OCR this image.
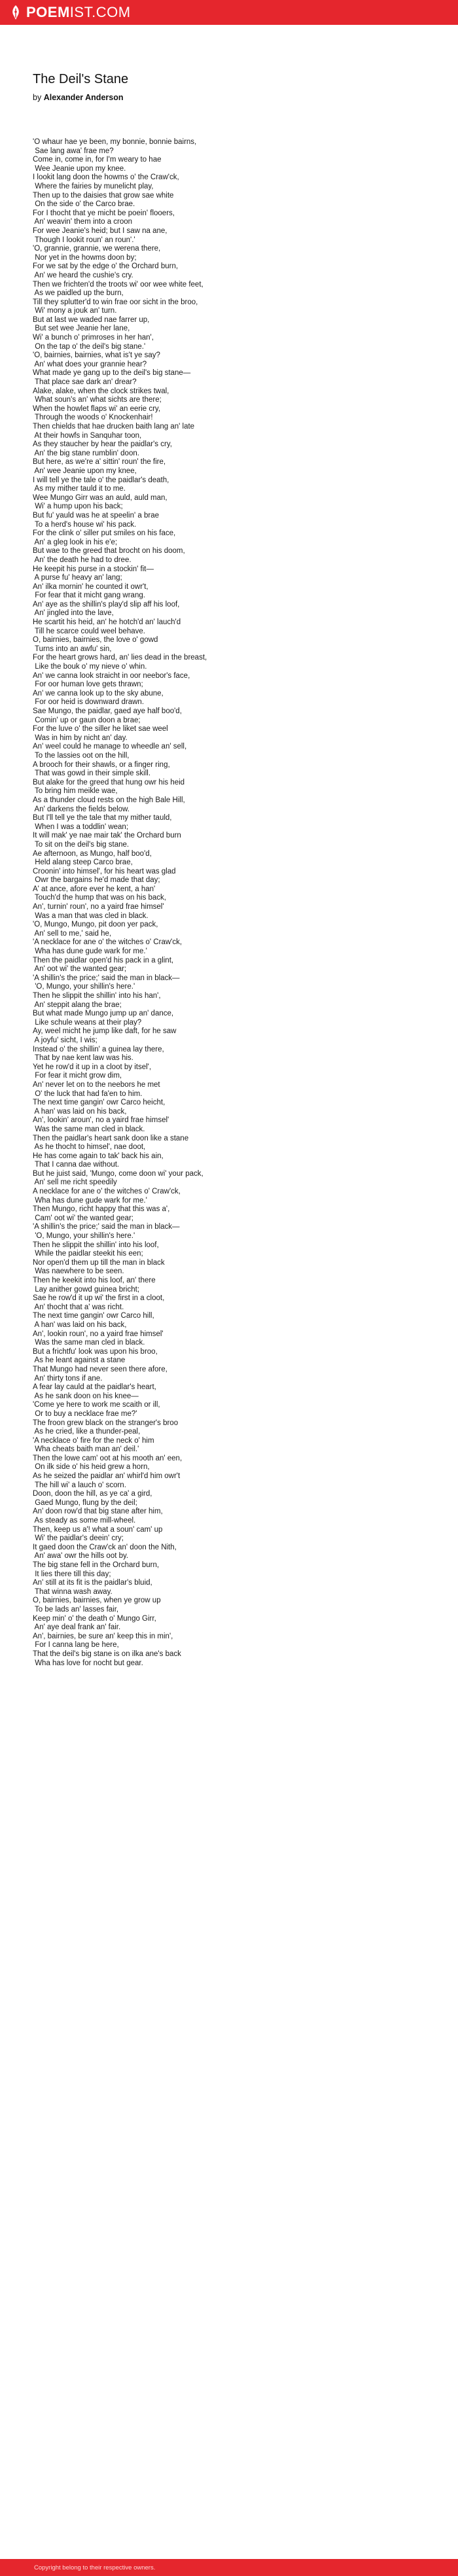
POEMIST.COM
The Deil's Stane
by Alexander Anderson
'O whaur hae ye been, my bonnie, bonnie bairns,
Sae lang awa' frae me?
Come in, come in, for I'm weary to hae
Wee Jeanie upon my knee.
I lookit lang doon the howms o' the Craw'ck,
Where the fairies by munelicht play,
Then up to the daisies that grow sae white
On the side o' the Carco brae.
For I thocht that ye micht be poein' flooers,
An' weavin' them into a croon
For wee Jeanie's heid; but I saw na ane,
Though I lookit roun' an roun'.'
'O, grannie, grannie, we werena there,
Nor yet in the howms doon by;
For we sat by the edge o' the Orchard burn,
An' we heard the cushie's cry.
Then we frichten'd the troots wi' oor wee white feet,
As we paidled up the burn,
Till they splutter'd to win frae oor sicht in the broo,
Wi' mony a jouk an' turn.
But at last we waded nae farrer up,
But set wee Jeanie her lane,
Wi' a bunch o' primroses in her han',
On the tap o' the deil's big stane.'
'O, bairnies, bairnies, what is't ye say?
An' what does your grannie hear?
What made ye gang up to the deil's big stane—
That place sae dark an' drear?
Alake, alake, when the clock strikes twal,
What soun's an' what sichts are there;
When the howlet flaps wi' an eerie cry,
Through the woods o' Knockenhair!
Then chields that hae drucken baith lang an' late
At their howfs in Sanquhar toon,
As they staucher by hear the paidlar's cry,
An' the big stane rumblin' doon.
But here, as we're a' sittin' roun' the fire,
An' wee Jeanie upon my knee,
I will tell ye the tale o' the paidlar's death,
As my mither tauld it to me.
Wee Mungo Girr was an auld, auld man,
Wi' a hump upon his back;
But fu' yauld was he at speelin' a brae
To a herd's house wi' his pack.
For the clink o' siller put smiles on his face,
An' a gleg look in his e'e;
But wae to the greed that brocht on his doom,
An' the death he had to dree.
He keepit his purse in a stockin' fit—
A purse fu' heavy an' lang;
An' ilka mornin' he counted it owr't,
For fear that it micht gang wrang.
An' aye as the shillin's play'd slip aff his loof,
An' jingled into the lave,
He scartit his heid, an' he hotch'd an' lauch'd
Till he scarce could weel behave.
O, bairnies, bairnies, the love o' gowd
Turns into an awfu' sin,
For the heart grows hard, an' lies dead in the breast,
Like the bouk o' my nieve o' whin.
An' we canna look straicht in oor neebor's face,
For oor human love gets thrawn;
An' we canna look up to the sky abune,
For oor heid is downward drawn.
Sae Mungo, the paidlar, gaed aye half boo'd,
Comin' up or gaun doon a brae;
For the luve o' the siller he liket sae weel
Was in him by nicht an' day.
An' weel could he manage to wheedle an' sell,
To the lassies oot on the hill,
A brooch for their shawls, or a finger ring,
That was gowd in their simple skill.
But alake for the greed that hung owr his heid
To bring him meikle wae,
As a thunder cloud rests on the high Bale Hill,
An' darkens the fields below.
But I'll tell ye the tale that my mither tauld,
When I was a toddlin' wean;
It will mak' ye nae mair tak' the Orchard burn
To sit on the deil's big stane.
Ae afternoon, as Mungo, half boo'd,
Held alang steep Carco brae,
Croonin' into himsel', for his heart was glad
Owr the bargains he'd made that day;
A' at ance, afore ever he kent, a han'
Touch'd the hump that was on his back,
An', turnin' roun', no a yaird frae himsel'
Was a man that was cled in black.
'O, Mungo, Mungo, pit doon yer pack,
An' sell to me,' said he,
'A necklace for ane o' the witches o' Craw'ck,
Wha has dune gude wark for me.'
Then the paidlar open'd his pack in a glint,
An' oot wi' the wanted gear;
'A shillin's the price;' said the man in black—
'O, Mungo, your shillin's here.'
Then he slippit the shillin' into his han',
An' steppit alang the brae;
But what made Mungo jump up an' dance,
Like schule weans at their play?
Ay, weel micht he jump like daft, for he saw
A joyfu' sicht, I wis;
Instead o' the shillin' a guinea lay there,
That by nae kent law was his.
Yet he row'd it up in a cloot by itsel',
For fear it micht grow dim,
An' never let on to the neebors he met
O' the luck that had fa'en to him.
The next time gangin' owr Carco heicht,
A han' was laid on his back,
An', lookin' aroun', no a yaird frae himsel'
Was the same man cled in black.
Then the paidlar's heart sank doon like a stane
As he thocht to himsel', nae doot,
He has come again to tak' back his ain,
That I canna dae without.
But he juist said, 'Mungo, come doon wi' your pack,
An' sell me richt speedily
A necklace for ane o' the witches o' Craw'ck,
Wha has dune gude wark for me.'
Then Mungo, richt happy that this was a',
Cam' oot wi' the wanted gear;
'A shillin's the price;' said the man in black—
'O, Mungo, your shillin's here.'
Then he slippit the shillin' into his loof,
While the paidlar steekit his een;
Nor open'd them up till the man in black
Was naewhere to be seen.
Then he keekit into his loof, an' there
Lay anither gowd guinea bricht;
Sae he row'd it up wi' the first in a cloot,
An' thocht that a' was richt.
The next time gangin' owr Carco hill,
A han' was laid on his back,
An', lookin roun', no a yaird frae himsel'
Was the same man cled in black.
But a frichtfu' look was upon his broo,
As he leant against a stane
That Mungo had never seen there afore,
An' thirty tons if ane.
A fear lay cauld at the paidlar's heart,
As he sank doon on his knee—
'Come ye here to work me scaith or ill,
Or to buy a necklace frae me?'
The froon grew black on the stranger's broo
As he cried, like a thunder-peal,
'A necklace o' fire for the neck o' him
Wha cheats baith man an' deil.'
Then the lowe cam' oot at his mooth an' een,
On ilk side o' his heid grew a horn,
As he seized the paidlar an' whirl'd him owr't
The hill wi' a lauch o' scorn.
Doon, doon the hill, as ye ca' a gird,
Gaed Mungo, flung by the deil;
An' doon row'd that big stane after him,
As steady as some mill-wheel.
Then, keep us a'! what a soun' cam' up
Wi' the paidlar's deein' cry;
It gaed doon the Craw'ck an' doon the Nith,
An' awa' owr the hills oot by.
The big stane fell in the Orchard burn,
It lies there till this day;
An' still at its fit is the paidlar's bluid,
That winna wash away.
O, bairnies, bairnies, when ye grow up
To be lads an' lasses fair,
Keep min' o' the death o' Mungo Girr,
An' aye deal frank an' fair.
An', bairnies, be sure an' keep this in min',
For I canna lang be here,
That the deil's big stane is on ilka ane's back
Wha has love for nocht but gear.
Copyright belong to their respective owners.
